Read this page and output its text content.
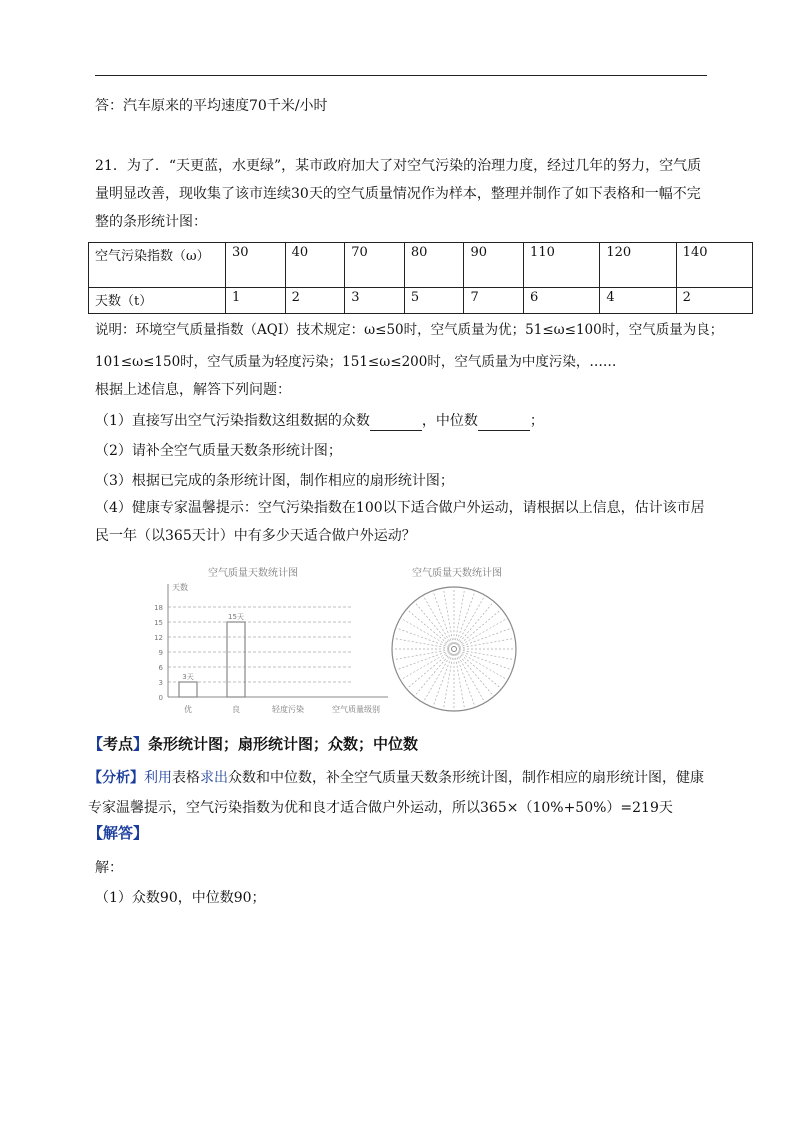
答：汽车原来的平均速度70千米/小时
21．为了．“天更蓝，水更绿”，某市政府加大了对空气污染的治理力度，经过几年的努力，空气质量明显改善，现收集了该市连续30天的空气质量情况作为样本，整理并制作了如下表格和一幅不完整的条形统计图：
空气污染指数（ω）	30	40	70	80	90	110	120	140
天数（t）	1	2	3	5	7	6	4	2
说明：环境空气质量指数（AQI）技术规定：ω≤50时，空气质量为优；51≤ω≤100时，空气质量为良；
101≤ω≤150时，空气质量为轻度污染；151≤ω≤200时，空气质量为中度污染，……
根据上述信息，解答下列问题：
（1）直接写出空气污染指数这组数据的众数	，中位数	；
（2）请补全空气质量天数条形统计图；
（3）根据已完成的条形统计图，制作相应的扇形统计图；
（4）健康专家温馨提示：空气污染指数在100以下适合做户外运动，请根据以上信息，估计该市居民一年（以365天计）中有多少天适合做户外运动？
空气质量天数统计图
天数
0
3
6
9
12
15
18
3天
15天
优	良	轻度污染	空气质量级别
空气质量天数统计图
【考点】条形统计图；扇形统计图；众数；中位数
【分析】利用表格求出众数和中位数，补全空气质量天数条形统计图，制作相应的扇形统计图，健康专家温馨提示，空气污染指数为优和良才适合做户外运动，所以365×（10%+50%）=219天
【解答】
解：
（1）众数90，中位数90；
